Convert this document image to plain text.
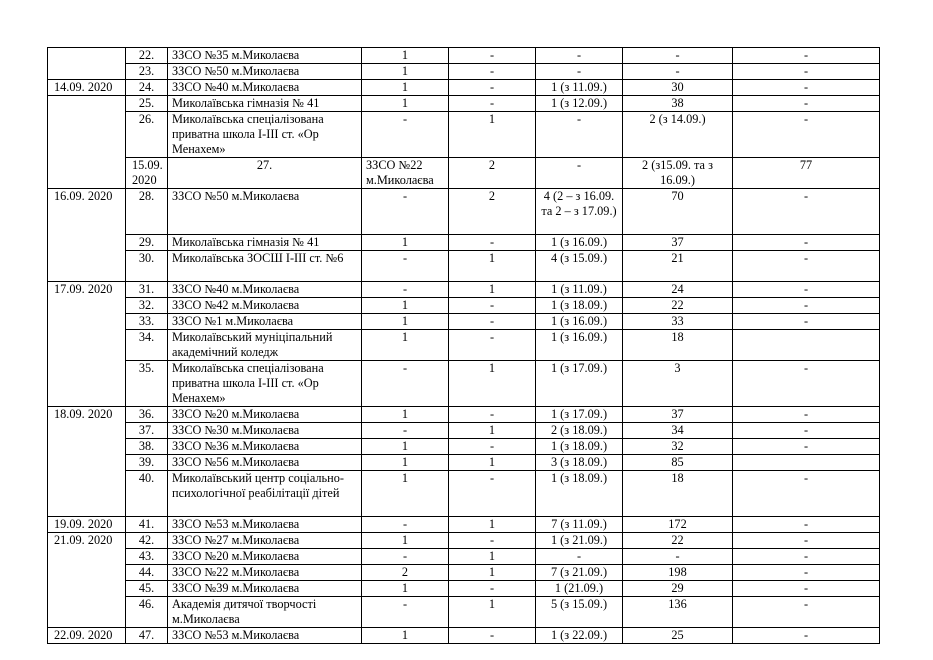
	22.	ЗЗСО №35 м.Миколаєва	1	-	-	-	-	
	23.	ЗЗСО №50 м.Миколаєва	1	-	-	-	-	
14.09. 2020	24.	ЗЗСО №40 м.Миколаєва	1	-	1 (з 11.09.)	30	-	
	25.	Миколаївська гімназія № 41	1	-	1 (з 12.09.)	38	-	
	26.	Миколаївська спеціалізована приватна школа І-ІІІ ст. «Ор Менахем»	-	1	-	2 (з 14.09.)	-	
	15.09. 2020	27.	ЗЗСО №22 м.Миколаєва	2	-	2 (з15.09. та з 16.09.)	77	
16.09. 2020	28.	ЗЗСО №50 м.Миколаєва	-	2	4 (2 – з 16.09. та 2 – з 17.09.)	70	-	
	29.	Миколаївська гімназія № 41	1	-	1 (з 16.09.)	37	-	
	30.	Миколаївська ЗОСШ І-ІІІ ст. №6	-	1	4 (з 15.09.)	21	-	
17.09. 2020	31.	ЗЗСО №40 м.Миколаєва	-	1	1 (з 11.09.)	24	-	
	32.	ЗЗСО №42 м.Миколаєва	1	-	1 (з 18.09.)	22	-	
	33.	ЗЗСО №1 м.Миколаєва	1	-	1 (з 16.09.)	33	-	
	34.	Миколаївський муніціпальний академічний коледж	1	-	1 (з 16.09.)	18		
	35.	Миколаївська спеціалізована приватна школа І-ІІІ ст. «Ор Менахем»	-	1	1 (з 17.09.)	3	-	
18.09. 2020	36.	ЗЗСО №20 м.Миколаєва	1	-	1 (з 17.09.)	37	-	
	37.	ЗЗСО №30 м.Миколаєва	-	1	2 (з 18.09.)	34	-	
	38.	ЗЗСО №36 м.Миколаєва	1	-	1 (з 18.09.)	32	-	
	39.	ЗЗСО №56 м.Миколаєва	1	1	3 (з 18.09.)	85		
	40.	Миколаївський центр соціально-психологічної реабілітації дітей	1	-	1 (з 18.09.)	18	-	
19.09. 2020	41.	ЗЗСО №53 м.Миколаєва	-	1	7 (з 11.09.)	172	-	
21.09. 2020	42.	ЗЗСО №27 м.Миколаєва	1	-	1 (з 21.09.)	22	-	
	43.	ЗЗСО №20 м.Миколаєва	-	1	-	-	-	
	44.	ЗЗСО №22 м.Миколаєва	2	1	7 (з 21.09.)	198	-	
	45.	ЗЗСО №39 м.Миколаєва	1	-	1 (21.09.)	29	-	
	46.	Академія дитячої творчості м.Миколаєва	-	1	5 (з 15.09.)	136	-	
22.09. 2020	47.	ЗЗСО №53 м.Миколаєва	1	-	1 (з 22.09.)	25	-	
